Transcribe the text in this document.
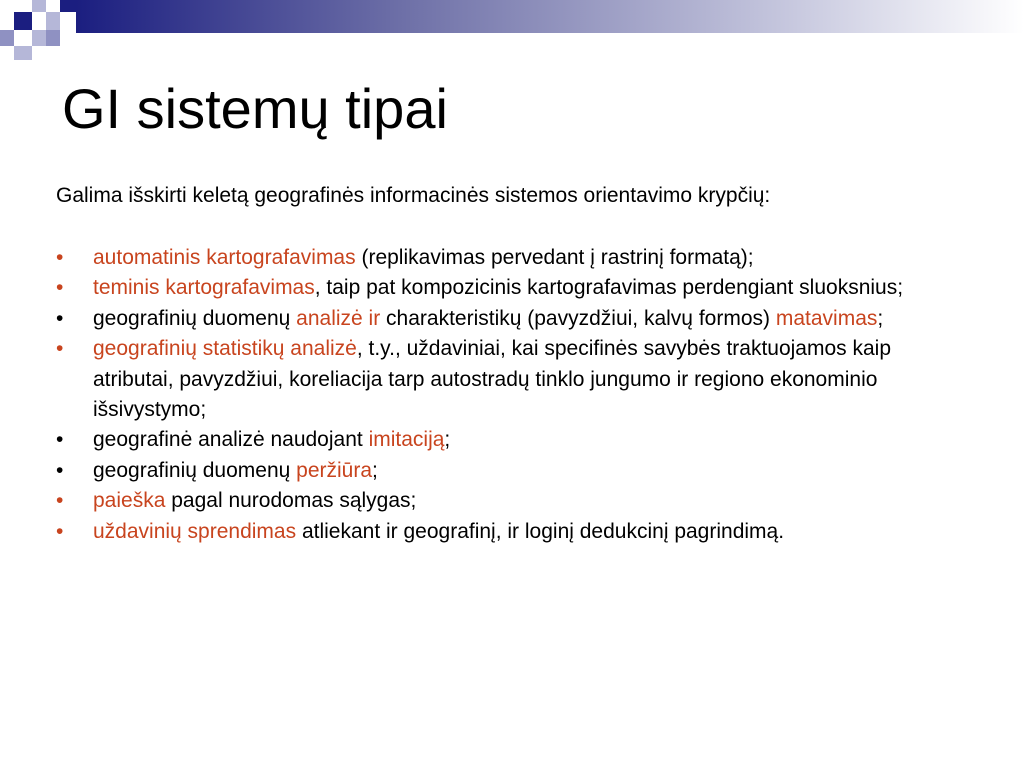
GI sistemų tipai
Galima išskirti keletą geografinės informacinės sistemos orientavimo krypčių:
• automatinis kartografavimas (replikavimas pervedant į rastrinį formatą);
• teminis kartografavimas, taip pat kompozicinis kartografavimas perdengiant sluoksnius;
• geografinių duomenų analizė ir charakteristikų (pavyzdžiui, kalvų formos) matavimas;
• geografinių statistikų analizė, t.y., uždaviniai, kai specifinės savybės traktuojamos kaip atributai, pavyzdžiui, koreliacija tarp autostradų tinklo jungumo ir regiono ekonominio išsivystymo;
• geografinė analizė naudojant imitaciją;
• geografinių duomenų peržiūra;
• paieška pagal nurodomas sąlygas;
• uždavinių sprendimas atliekant ir geografinį, ir loginį dedukcinį pagrindimą.
